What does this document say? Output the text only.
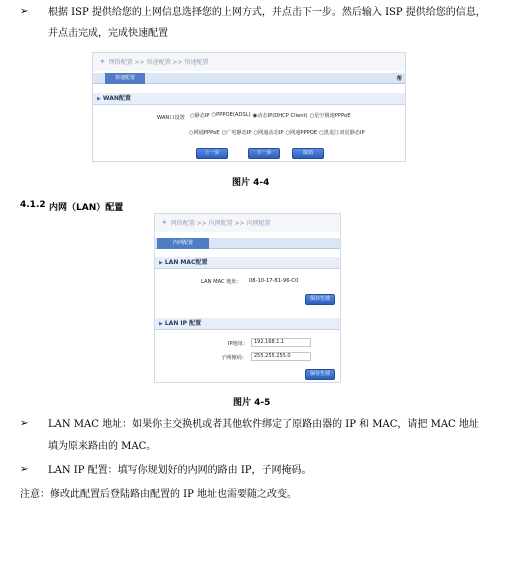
➢ 根据 ISP 提供给您的上网信息选择您的上网方式，并点击下一步。然后输入 ISP 提供给您的信息，
并点击完成，完成快速配置
✦ 网络配置 >> 快速配置 >> 快速配置
快速配置	帮
▶ WAN配置
WAN口设置 ○静态IP ○PPPOE(ADSL) ◉动态IP(DHCP Client) ○星空极速PPPoE
○网通PPPoE ○广电静态IP ○网通动态IP ○网通PPPOE ○黑龙江双星静态IP
上一步	下一步	取消
图片 4-4
4.1.2 内网（LAN）配置
✦ 网络配置 >> 内网配置 >> 内网配置
内网配置
▶ LAN MAC配置
LAN MAC 地址： 08-10-17-81-96-C0
保存生效
▶ LAN IP 配置
IP地址：	192.168.1.1
子网掩码：	255.255.255.0
保存生效
图片 4-5
➢ LAN MAC 地址：如果你主交换机或者其他软件绑定了原路由器的 IP 和 MAC，请把 MAC 地址
填为原来路由的 MAC。
➢ LAN IP 配置：填写你规划好的内网的路由 IP，子网掩码。
注意：修改此配置后登陆路由配置的 IP 地址也需要随之改变。
